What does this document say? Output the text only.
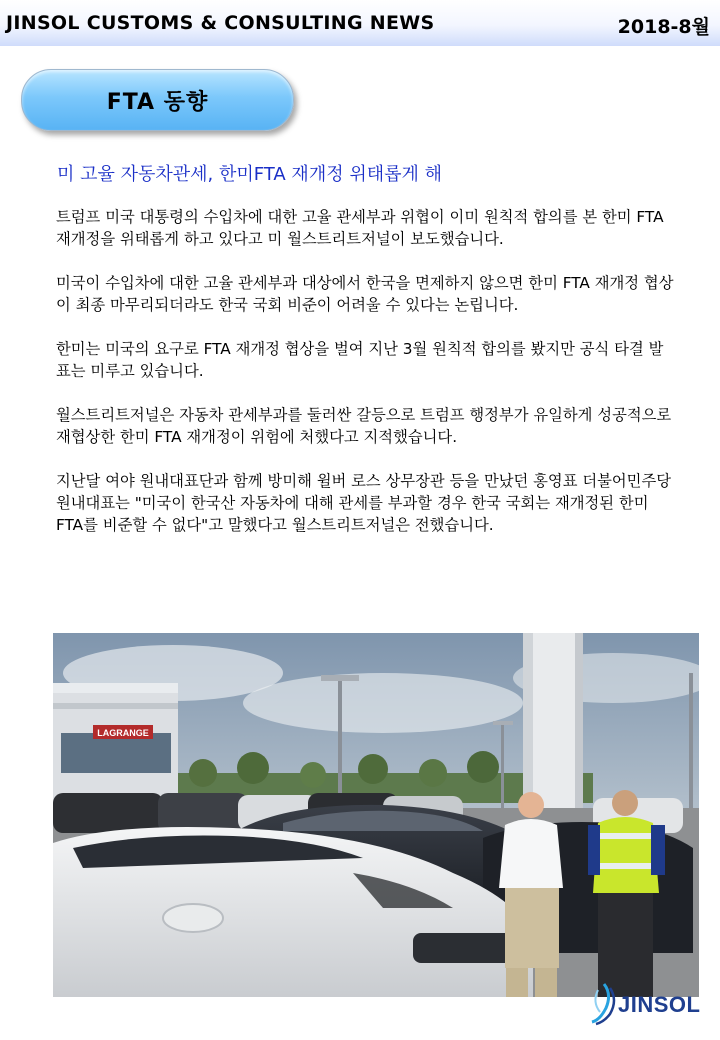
JINSOL CUSTOMS & CONSULTING NEWS	2018-8월
FTA 동향
미 고율 자동차관세, 한미FTA 재개정 위태롭게 해

트럼프 미국 대통령의 수입차에 대한 고율 관세부과 위협이 이미 원칙적 합의를 본 한미 FTA 재개정을 위태롭게 하고 있다고 미 월스트리트저널이 보도했습니다.

미국이 수입차에 대한 고율 관세부과 대상에서 한국을 면제하지 않으면 한미 FTA 재개정 협상이 최종 마무리되더라도 한국 국회 비준이 어려울 수 있다는 논립니다.

한미는 미국의 요구로 FTA 재개정 협상을 벌여 지난 3월 원칙적 합의를 봤지만 공식 타결 발표는 미루고 있습니다.

월스트리트저널은 자동차 관세부과를 둘러싼 갈등으로 트럼프 행정부가 유일하게 성공적으로 재협상한 한미 FTA 재개정이 위험에 처했다고 지적했습니다.

지난달 여야 원내대표단과 함께 방미해 윌버 로스 상무장관 등을 만났던 홍영표 더불어민주당 원내대표는 "미국이 한국산 자동차에 대해 관세를 부과할 경우 한국 국회는 재개정된 한미 FTA를 비준할 수 없다"고 말했다고 월스트리트저널은 전했습니다.

LAGRANGE
JINSOL
